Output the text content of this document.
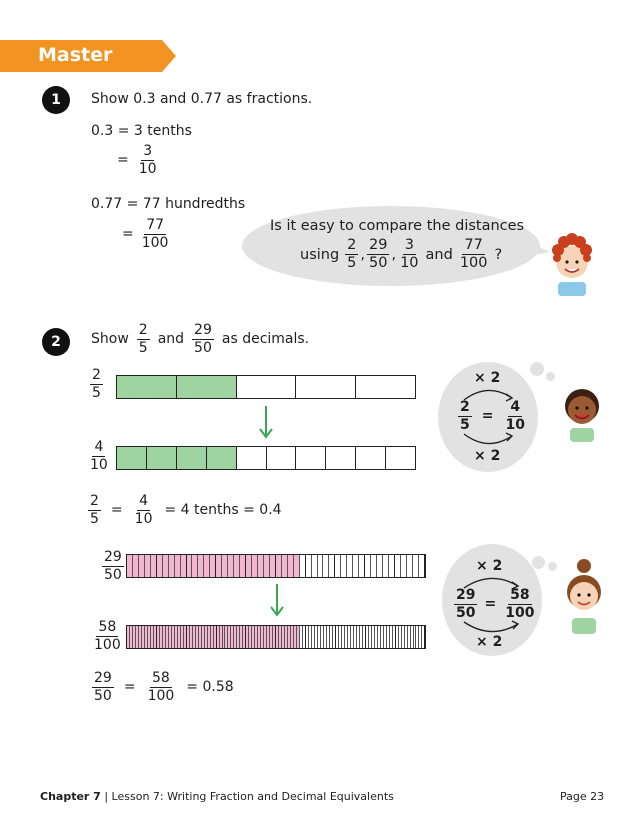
Master
1	Show 0.3 and 0.77 as fractions.
0.3 = 3 tenths
= $\frac{3}{10}$
0.77 = 77 hundredths
= $\frac{77}{100}$	Is it easy to compare the distances
using $\frac{2}{5}$ , $\frac{29}{50}$ , $\frac{3}{10}$ and $\frac{77}{100}$ ?
2	Show $\frac{2}{5}$ and $\frac{29}{50}$ as decimals.
$\frac{2}{5}$
$\frac{4}{10}$
$\frac{2}{5} = \frac{4}{10} = 4$ tenths = 0.4
× 2
$\frac{2}{5} = \frac{4}{10}$
× 2
$\frac{29}{50}$
$\frac{58}{100}$
$\frac{29}{50} = \frac{58}{100} = 0.58$
× 2
$\frac{29}{50} = \frac{58}{100}$
× 2
Chapter 7 | Lesson 7: Writing Fraction and Decimal Equivalents	Page 23
